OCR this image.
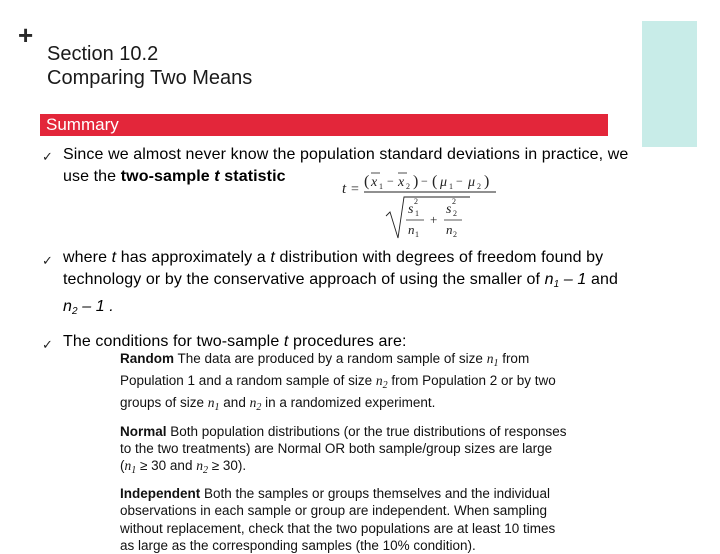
+
Section 10.2
Comparing Two Means
Summary
✓ Since we almost never know the population standard deviations in practice, we
use the two-sample t statistic
t = ( x 1 − x 2 ) − ( μ 1 − μ 2 )
s
2
1
n 1
+
s
2
2
n 2
✓ where t has approximately a t distribution with degrees of freedom found by
technology or by the conservative approach of using the smaller of $n_1 - 1$ and
$n_2 - 1$ .
✓ The conditions for two-sample t procedures are:
Random The data are produced by a random sample of size $n_1$ from
Population 1 and a random sample of size $n_2$ from Population 2 or by two
groups of size $n_1$ and $n_2$ in a randomized experiment.
Normal Both population distributions (or the true distributions of responses
to the two treatments) are Normal OR both sample/group sizes are large
($n_1 \ge 30$ and $n_2 \ge 30$).
Independent Both the samples or groups themselves and the individual
observations in each sample or group are independent. When sampling
without replacement, check that the two populations are at least 10 times
as large as the corresponding samples (the 10% condition).
